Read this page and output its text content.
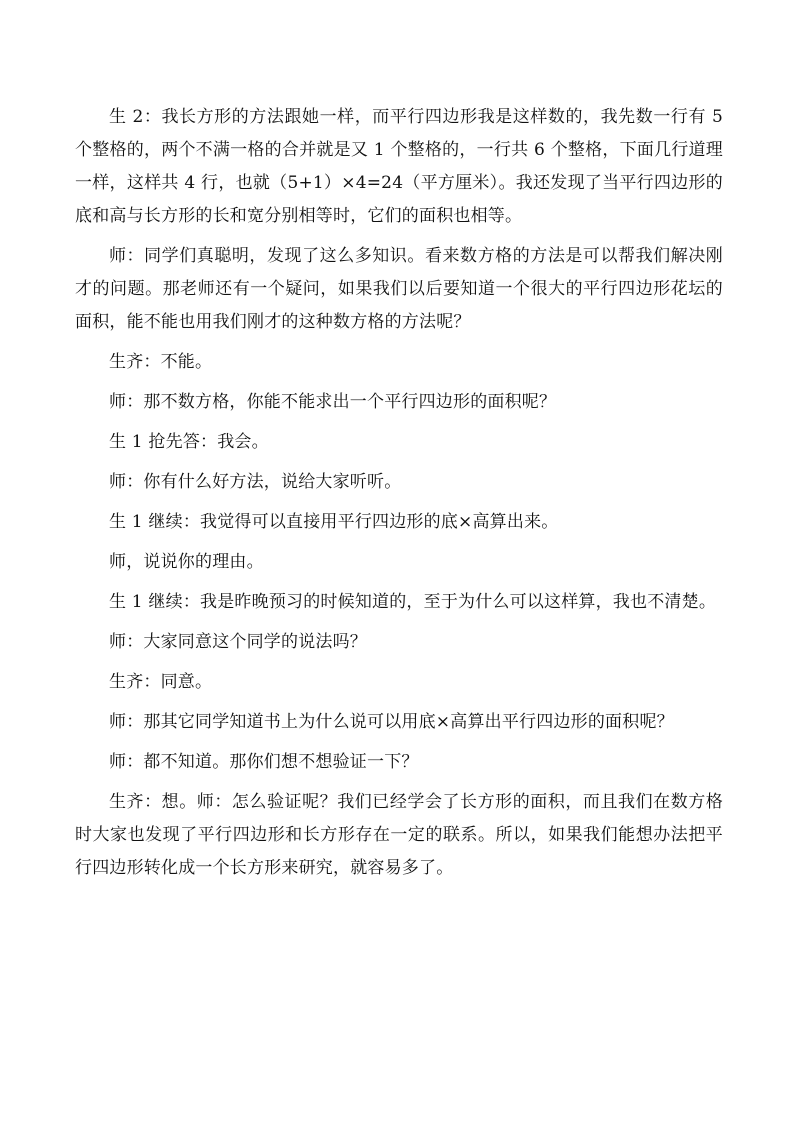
生 2：我长方形的方法跟她一样，而平行四边形我是这样数的，我先数一行有 5 个整格的，两个不满一格的合并就是又 1 个整格的，一行共 6 个整格，下面几行道理一样，这样共 4 行，也就（5+1）×4=24（平方厘米）。我还发现了当平行四边形的底和高与长方形的长和宽分别相等时，它们的面积也相等。

师：同学们真聪明，发现了这么多知识。看来数方格的方法是可以帮我们解决刚才的问题。那老师还有一个疑问，如果我们以后要知道一个很大的平行四边形花坛的面积，能不能也用我们刚才的这种数方格的方法呢？

生齐：不能。

师：那不数方格，你能不能求出一个平行四边形的面积呢？

生 1 抢先答：我会。

师：你有什么好方法，说给大家听听。

生 1 继续：我觉得可以直接用平行四边形的底×高算出来。

师，说说你的理由。

生 1 继续：我是昨晚预习的时候知道的，至于为什么可以这样算，我也不清楚。

师：大家同意这个同学的说法吗？

生齐：同意。

师：那其它同学知道书上为什么说可以用底×高算出平行四边形的面积呢？

师：都不知道。那你们想不想验证一下？

生齐：想。师：怎么验证呢？我们已经学会了长方形的面积，而且我们在数方格时大家也发现了平行四边形和长方形存在一定的联系。所以，如果我们能想办法把平行四边形转化成一个长方形来研究，就容易多了。
